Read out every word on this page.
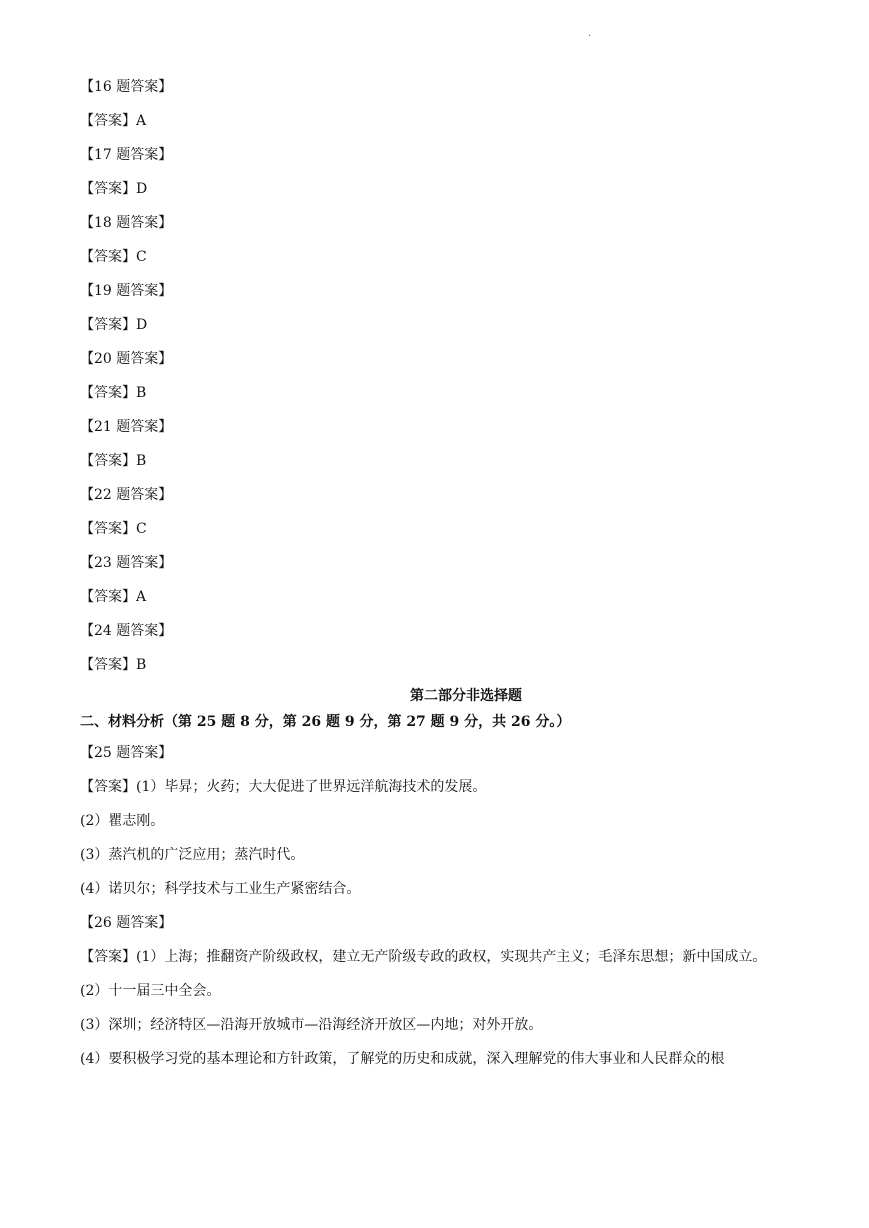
.
【16 题答案】
【答案】A
【17 题答案】
【答案】D
【18 题答案】
【答案】C
【19 题答案】
【答案】D
【20 题答案】
【答案】B
【21 题答案】
【答案】B
【22 题答案】
【答案】C
【23 题答案】
【答案】A
【24 题答案】
【答案】B
第二部分非选择题
二、材料分析（第 25 题 8 分，第 26 题 9 分，第 27 题 9 分，共 26 分。）
【25 题答案】
【答案】(1）毕昇；火药；大大促进了世界远洋航海技术的发展。
(2）瞿志刚。
(3）蒸汽机的广泛应用；蒸汽时代。
(4）诺贝尔；科学技术与工业生产紧密结合。
【26 题答案】
【答案】(1）上海；推翻资产阶级政权，建立无产阶级专政的政权，实现共产主义；毛泽东思想；新中国成立。
(2）十一届三中全会。
(3）深圳；经济特区—沿海开放城市—沿海经济开放区—内地；对外开放。
(4）要积极学习党的基本理论和方针政策，了解党的历史和成就，深入理解党的伟大事业和人民群众的根
